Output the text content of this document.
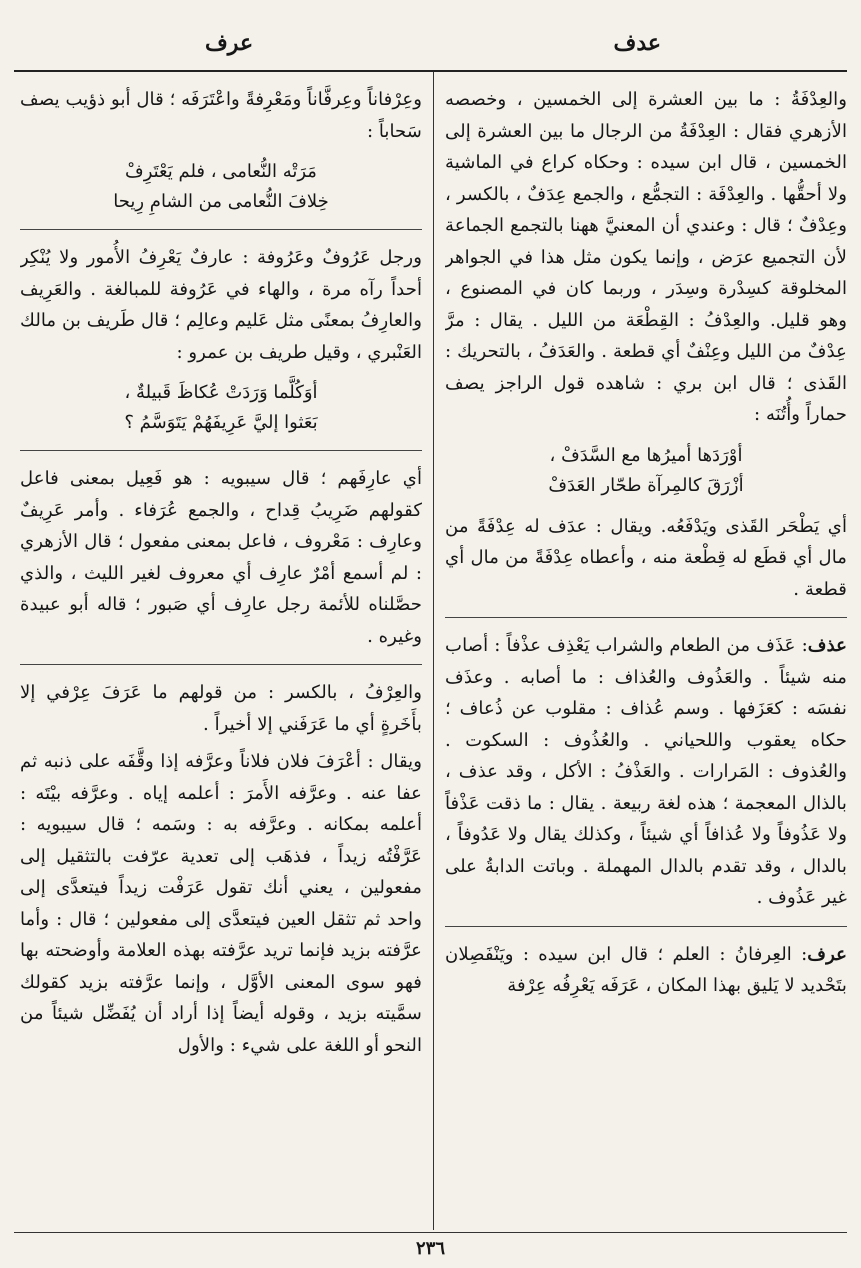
عدف
عرف

والعِدْفَةُ : ما بين العشرة إلى الخمسين ، وخصصه الأزهري فقال : العِدْفَةُ من الرجال ما بين العشرة إلى الخمسين ، قال ابن سيده : وحكاه كراع في الماشية ولا أحقُّها . والعِدْفَة : التجمُّع ، والجمع عِدَفٌ ، بالكسر ، وعِدْفٌ ؛ قال : وعندي أن المعنيَّ ههنا بالتجمع الجماعة لأن التجميع عرَض ، وإنما يكون مثل هذا في الجواهر المخلوقة كسِدْرة وسِدَر ، وربما كان في المصنوع ، وهو قليل. والعِدْفُ : القِطْعَة من الليل . يقال : مرَّ عِدْفٌ من الليل وعِنْفٌ أي قطعة . والعَدَفُ ، بالتحريك : القَذى ؛ قال ابن بري : شاهده قول الراجز يصف حماراً وأُتُنَه :

أوْرَدَها أميرُها مع السَّدَفْ ،
أزْرَقَ كالمِرآة طحّار العَدَفْ

أي يَطْحَر القَذى ويَدْفَعُه. ويقال : عدَف له عِدْفَةً من مال أي قطَع له قِطْعة منه ، وأعطاه عِدْفَةً من مال أي قطعة .

عذف: عَذَف من الطعام والشراب يَعْذِف عذْفاً : أصاب منه شيئاً . والعَذُوف والعُذاف : ما أصابه . وعذَف نفسَه : كعَزَفها . وسم عُذاف : مقلوب عن ذُعاف ؛ حكاه يعقوب واللحياني . والعُذُوف : السكوت . والعُذوف : المَرارات . والعَذْفُ : الأكل ، وقد عذف ، بالذال المعجمة ؛ هذه لغة ربيعة . يقال : ما ذقت عَذْفاً ولا عَذُوفاً ولا عُذافاً أي شيئاً ، وكذلك يقال ولا عَدُوفاً ، بالدال ، وقد تقدم بالدال المهملة . وباتت الدابةُ على غير عَذُوف .

عرف: العِرفانُ : العلم ؛ قال ابن سيده : ويَنْفَصِلان بتَحْديد لا يَليق بهذا المكان ، عَرَفَه يَعْرِفُه عِرْفة

وعِرْفاناً وعِرفَّاناً ومَعْرِفةً واعْتَرَفَه ؛ قال أبو ذؤيب يصف سَحاباً :

مَرَتْه النُّعامى ، فلم يَعْتَرِفْ
خِلافَ النُّعامى من الشامِ رِيحا

ورجل عَرُوفٌ وعَرُوفة : عارفٌ يَعْرِفُ الأُمور ولا يُنْكِر أحداً رآه مرة ، والهاء في عَرُوفة للمبالغة . والعَرِيف والعارِفُ بمعنًى مثل عَليم وعالِم ؛ قال طَريف بن مالك العَنْبري ، وقيل طريف بن عمرو :

أوَكُلَّما وَرَدَتْ عُكاظَ قَبيلةٌ ،
بَعَثوا إليَّ عَرِيفَهُمْ يَتَوَسَّمُ ؟

أي عارِفَهم ؛ قال سيبويه : هو فَعِيل بمعنى فاعل كقولهم ضَرِيبُ قِداح ، والجمع عُرَفاء . وأمر عَرِيفٌ وعارِف : مَعْروف ، فاعل بمعنى مفعول ؛ قال الأزهري : لم أسمع أمْرٌ عارِف أي معروف لغير الليث ، والذي حصَّلناه للأئمة رجل عارِف أي صَبور ؛ قاله أبو عبيدة وغيره .

والعِرْفُ ، بالكسر : من قولهم ما عَرَفَ عِرْفي إلا بأَخَرةٍ أي ما عَرَفَني إلا أخيراً .

ويقال : أعْرَفَ فلان فلاناً وعرَّفه إذا وقَّفَه على ذنبه ثم عفا عنه . وعرَّفه الأَمرَ : أعلمه إياه . وعرَّفه بيْتَه : أعلمه بمكانه . وعرَّفه به : وسَمه ؛ قال سيبويه : عَرَّفْتُه زيداً ، فذهَب إلى تعدية عرّفت بالتثقيل إلى مفعولين ، يعني أنك تقول عَرَفْت زيداً فيتعدَّى إلى واحد ثم تثقل العين فيتعدَّى إلى مفعولين ؛ قال : وأما عرَّفته بزيد فإنما تريد عرَّفته بهذه العلامة وأوضحته بها فهو سوى المعنى الأوَّل ، وإنما عرَّفته بزيد كقولك سمَّيته بزيد ، وقوله أيضاً إذا أراد أن يُفَضِّل شيئاً من النحو أو اللغة على شيء : والأول

٢٣٦
